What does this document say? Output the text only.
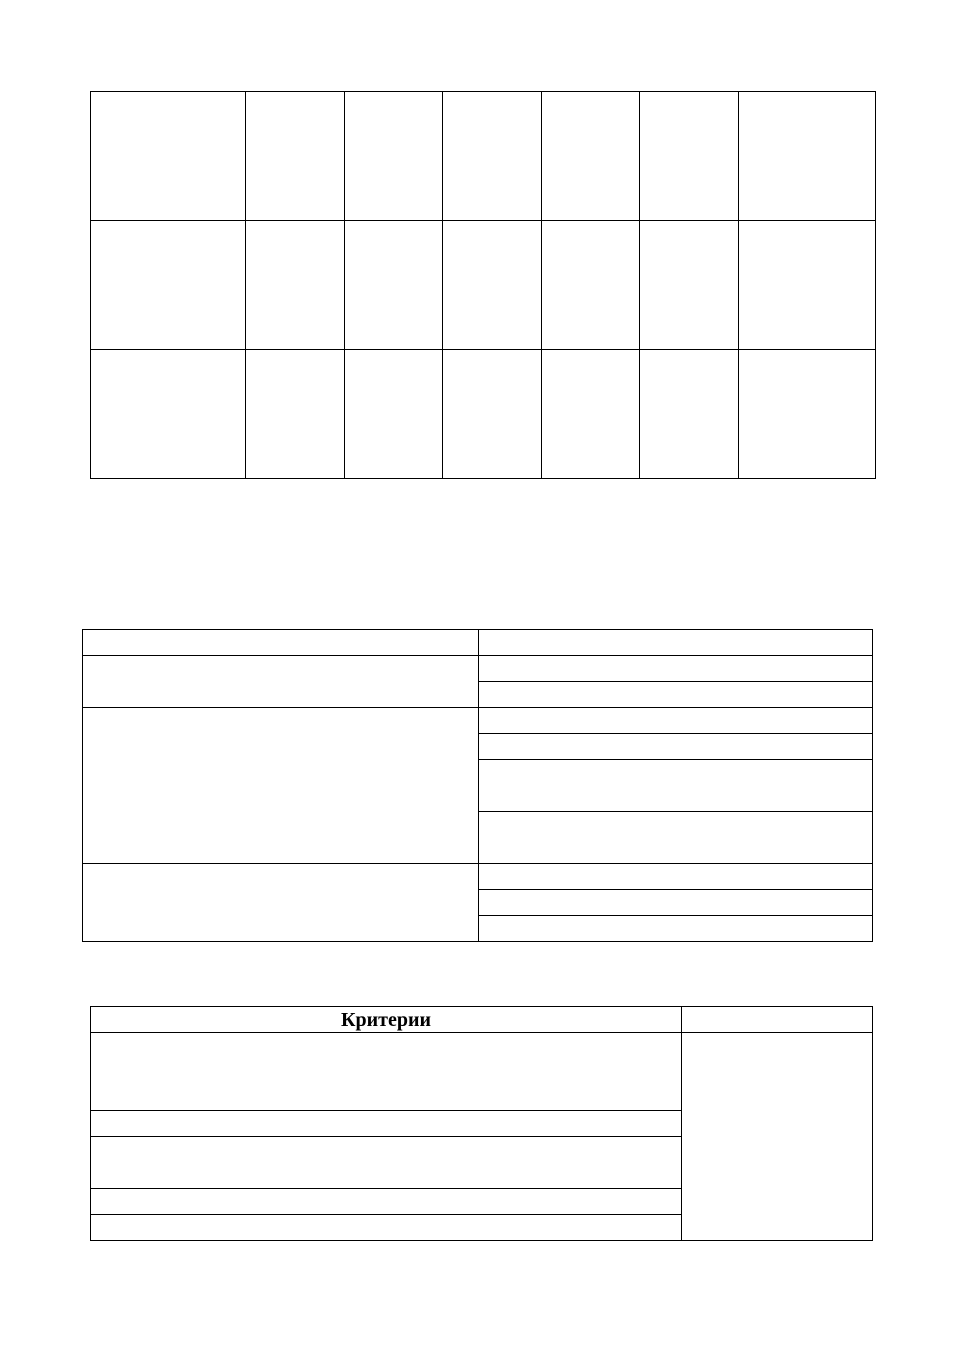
Критерии	
